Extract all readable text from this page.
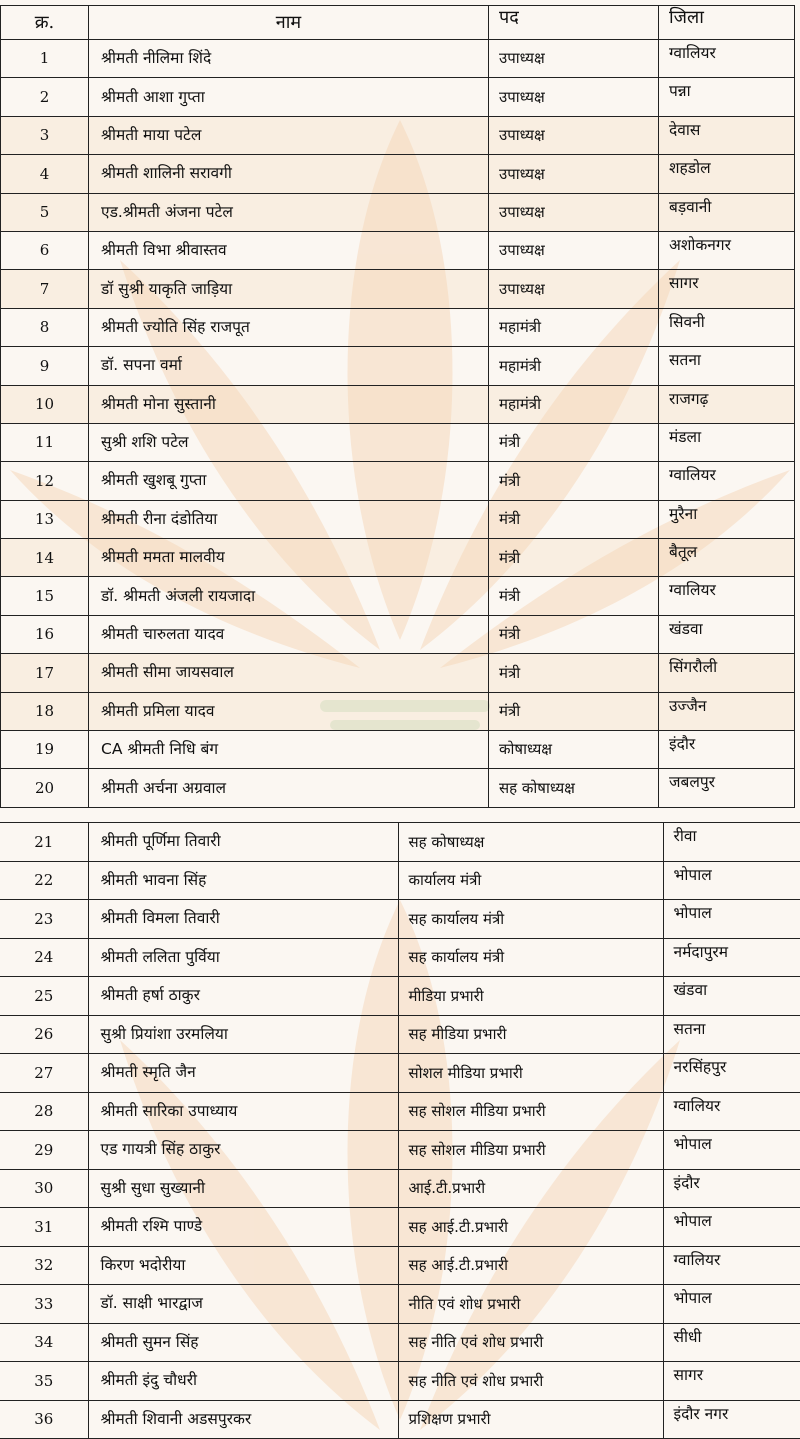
क्र.	नाम	पद	जिला
1	श्रीमती नीलिमा शिंदे	उपाध्यक्ष	ग्वालियर
2	श्रीमती आशा गुप्ता	उपाध्यक्ष	पन्ना
3	श्रीमती माया पटेल	उपाध्यक्ष	देवास
4	श्रीमती शालिनी सरावगी	उपाध्यक्ष	शहडोल
5	एड.श्रीमती अंजना पटेल	उपाध्यक्ष	बड़वानी
6	श्रीमती विभा श्रीवास्तव	उपाध्यक्ष	अशोकनगर
7	डॉ सुश्री याकृति जाड़िया	उपाध्यक्ष	सागर
8	श्रीमती ज्योति सिंह राजपूत	महामंत्री	सिवनी
9	डॉ. सपना वर्मा	महामंत्री	सतना
10	श्रीमती मोना सुस्तानी	महामंत्री	राजगढ़
11	सुश्री शशि पटेल	मंत्री	मंडला
12	श्रीमती खुशबू गुप्ता	मंत्री	ग्वालियर
13	श्रीमती रीना दंडोतिया	मंत्री	मुरैना
14	श्रीमती ममता मालवीय	मंत्री	बैतूल
15	डॉ. श्रीमती अंजली रायजादा	मंत्री	ग्वालियर
16	श्रीमती चारुलता यादव	मंत्री	खंडवा
17	श्रीमती सीमा जायसवाल	मंत्री	सिंगरौली
18	श्रीमती प्रमिला यादव	मंत्री	उज्जैन
19	CA श्रीमती निधि बंग	कोषाध्यक्ष	इंदौर
20	श्रीमती अर्चना अग्रवाल	सह कोषाध्यक्ष	जबलपुर
21	श्रीमती पूर्णिमा तिवारी	सह कोषाध्यक्ष	रीवा
22	श्रीमती भावना सिंह	कार्यालय मंत्री	भोपाल
23	श्रीमती विमला तिवारी	सह कार्यालय मंत्री	भोपाल
24	श्रीमती ललिता पुर्विया	सह कार्यालय मंत्री	नर्मदापुरम
25	श्रीमती हर्षा ठाकुर	मीडिया प्रभारी	खंडवा
26	सुश्री प्रियांशा उरमलिया	सह मीडिया प्रभारी	सतना
27	श्रीमती स्मृति जैन	सोशल मीडिया प्रभारी	नरसिंहपुर
28	श्रीमती सारिका उपाध्याय	सह सोशल मीडिया प्रभारी	ग्वालियर
29	एड गायत्री सिंह ठाकुर	सह सोशल मीडिया प्रभारी	भोपाल
30	सुश्री सुधा सुख्यानी	आई.टी.प्रभारी	इंदौर
31	श्रीमती रश्मि पाण्डे	सह आई.टी.प्रभारी	भोपाल
32	किरण भदोरीया	सह आई.टी.प्रभारी	ग्वालियर
33	डॉ. साक्षी भारद्वाज	नीति एवं शोध प्रभारी	भोपाल
34	श्रीमती सुमन सिंह	सह नीति एवं शोध प्रभारी	सीधी
35	श्रीमती इंदु चौधरी	सह नीति एवं शोध प्रभारी	सागर
36	श्रीमती शिवानी अडसपुरकर	प्रशिक्षण प्रभारी	इंदौर नगर
